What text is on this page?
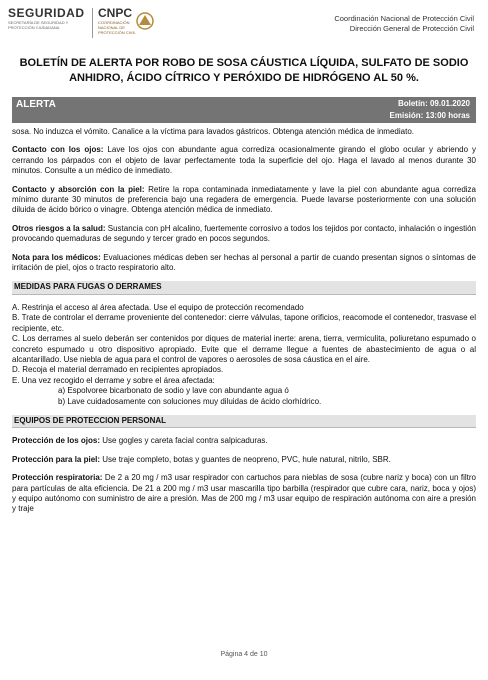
SEGURIDAD
SECRETARÍA DE SEGURIDAD Y PROTECCIÓN CIUDADANA
CNPC
COORDINACIÓN NACIONAL DE PROTECCIÓN CIVIL
Coordinación Nacional de Protección Civil
Dirección General de Protección Civil
BOLETÍN DE ALERTA POR ROBO DE SOSA CÁUSTICA LÍQUIDA, SULFATO DE SODIO ANHIDRO, ÁCIDO CÍTRICO Y PERÓXIDO DE HIDRÓGENO AL 50 %.
ALERTA	Boletín: 09.01.2020
Emisión: 13:00 horas

sosa. No induzca el vómito. Canalice a la víctima para lavados gástricos. Obtenga atención médica de inmediato.

Contacto con los ojos: Lave los ojos con abundante agua corrediza ocasionalmente girando el globo ocular y abriendo y cerrando los párpados con el objeto de lavar perfectamente toda la superficie del ojo. Haga el lavado al menos durante 30 minutos. Consulte a un médico de inmediato.

Contacto y absorción con la piel: Retire la ropa contaminada inmediatamente y lave la piel con abundante agua corrediza mínimo durante 30 minutos de preferencia bajo una regadera de emergencia. Puede lavarse posteriormente con una solución diluida de ácido bórico o vinagre. Obtenga atención médica de inmediato.

Otros riesgos a la salud: Sustancia con pH alcalino, fuertemente corrosivo a todos los tejidos por contacto, inhalación o ingestión provocando quemaduras de segundo y tercer grado en pocos segundos.

Nota para los médicos: Evaluaciones médicas deben ser hechas al personal a partir de cuando presentan signos o síntomas de irritación de piel, ojos o tracto respiratorio alto.

MEDIDAS PARA FUGAS O DERRAMES
A. Restrinja el acceso al área afectada. Use el equipo de protección recomendado
B. Trate de controlar el derrame proveniente del contenedor: cierre válvulas, tapone orificios, reacomode el contenedor, trasvase el recipiente, etc.
C. Los derrames al suelo deberán ser contenidos por diques de material inerte: arena, tierra, vermiculita, poliuretano espumado o concreto espumado u otro dispositivo apropiado. Evite que el derrame llegue a fuentes de abastecimiento de agua o al alcantarillado. Use niebla de agua para el control de vapores o aerosoles de sosa cáustica en el aire.
D. Recoja el material derramado en recipientes apropiados.
E. Una vez recogido el derrame y sobre el área afectada:
a) Espolvoree bicarbonato de sodio y lave con abundante agua ó
b) Lave cuidadosamente con soluciones muy diluidas de ácido clorhídrico.
EQUIPOS DE PROTECCION PERSONAL

Protección de los ojos: Use gogles y careta facial contra salpicaduras.

Protección para la piel: Use traje completo, botas y guantes de neopreno, PVC, hule natural, nitrilo, SBR.

Protección respiratoria: De 2 a 20 mg / m3 usar respirador con cartuchos para nieblas de sosa (cubre nariz y boca) con un filtro para partículas de alta eficiencia. De 21 a 200 mg / m3 usar mascarilla tipo barbilla (respirador que cubre cara, nariz, boca y ojos) y equipo autónomo con suministro de aire a presión. Mas de 200 mg / m3 usar equipo de respiración autónoma con aire a presión y traje

Página 4 de 10
